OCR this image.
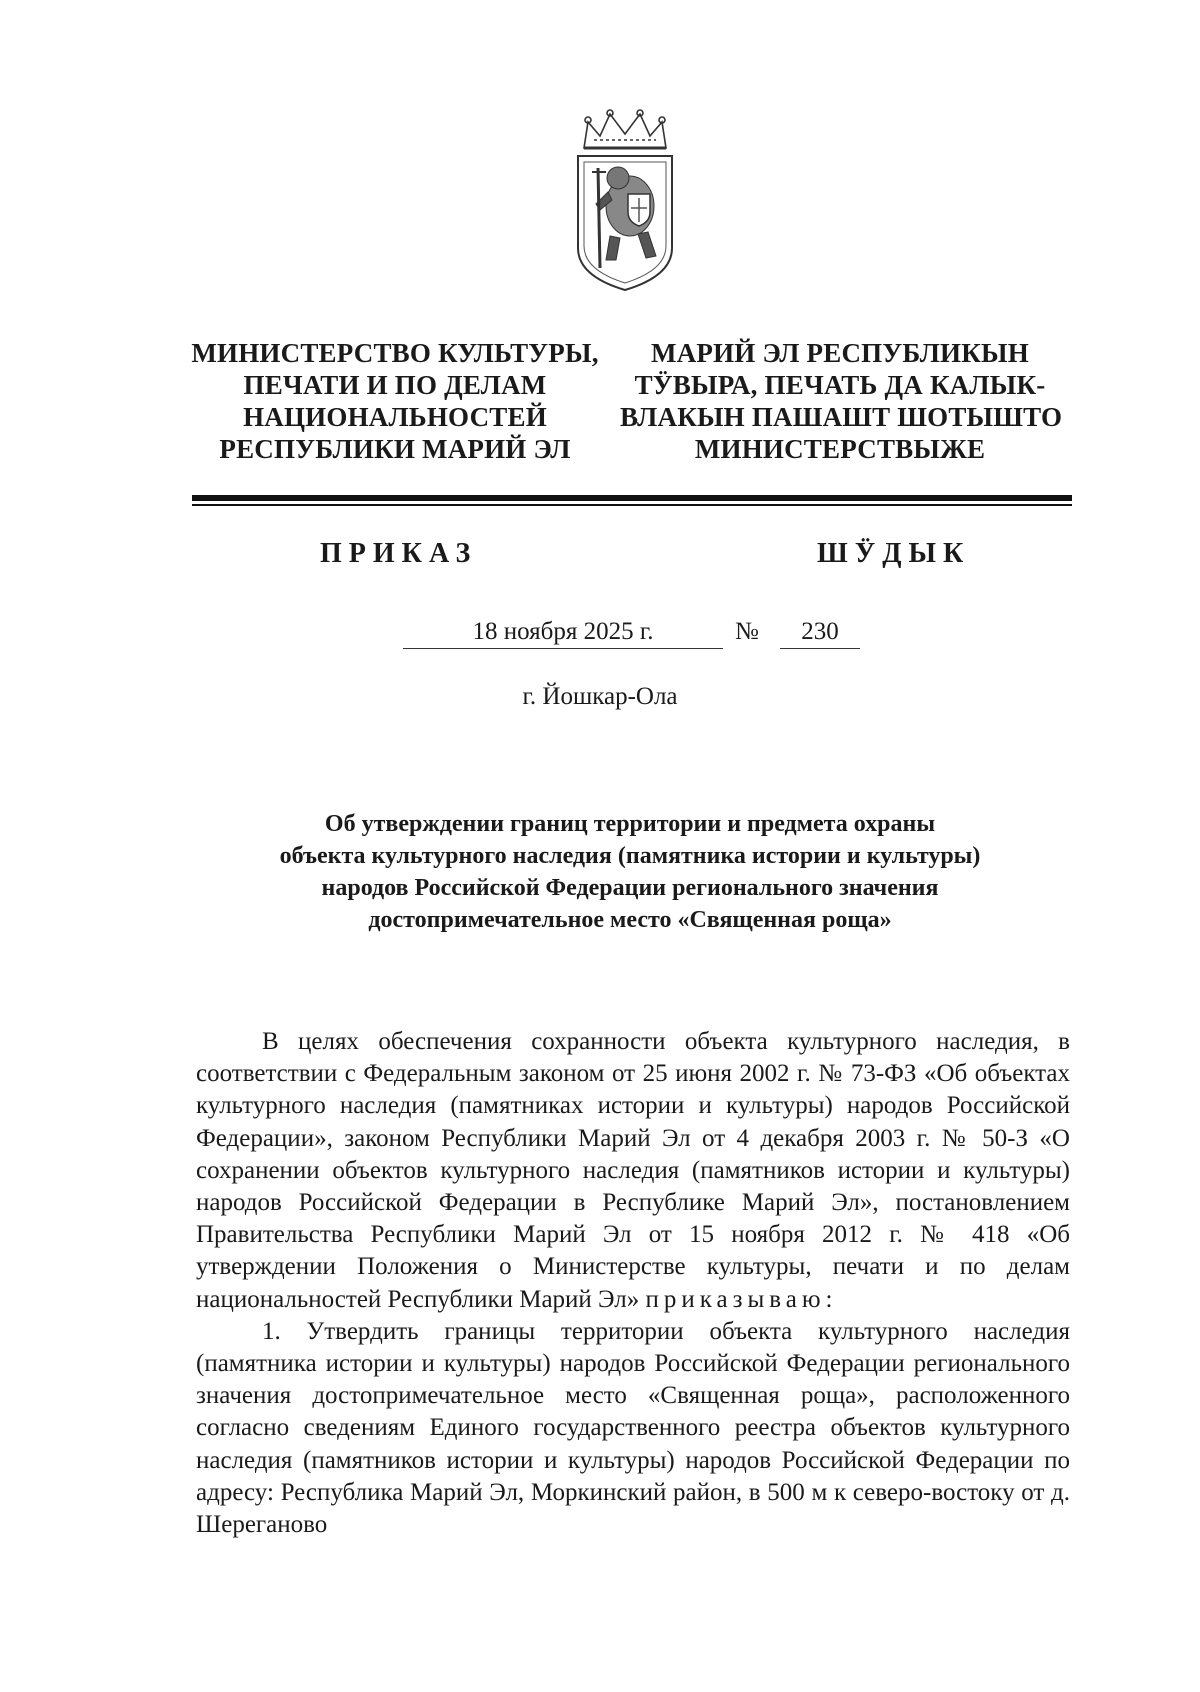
МИНИСТЕРСТВО КУЛЬТУРЫ,
ПЕЧАТИ И ПО ДЕЛАМ
НАЦИОНАЛЬНОСТЕЙ
РЕСПУБЛИКИ МАРИЙ ЭЛ
МАРИЙ ЭЛ РЕСПУБЛИКЫН
ТӰВЫРА, ПЕЧАТЬ ДА КАЛЫК-
ВЛАКЫН ПАШАШТ ШОТЫШТО
МИНИСТЕРСТВЫЖЕ
ПРИКАЗ	ШӰДЫК
18 ноября 2025 г.	№	230
г. Йошкар-Ола
Об утверждении границ территории и предмета охраны
объекта культурного наследия (памятника истории и культуры)
народов Российской Федерации регионального значения
достопримечательное место «Священная роща»

В целях обеспечения сохранности объекта культурного наследия, в соответствии с Федеральным законом от 25 июня 2002 г. № 73-ФЗ «Об объектах культурного наследия (памятниках истории и культуры) народов Российской Федерации», законом Республики Марий Эл от 4 декабря 2003 г. № 50-З «О сохранении объектов культурного наследия (памятников истории и культуры) народов Российской Федерации в Республике Марий Эл», постановлением Правительства Республики Марий Эл от 15 ноября 2012 г. № 418 «Об утверждении Положения о Министерстве культуры, печати и по делам национальностей Республики Марий Эл» приказываю:

1. Утвердить границы территории объекта культурного наследия (памятника истории и культуры) народов Российской Федерации регионального значения достопримечательное место «Священная роща», расположенного согласно сведениям Единого государственного реестра объектов культурного наследия (памятников истории и культуры) народов Российской Федерации по адресу: Республика Марий Эл, Моркинский район, в 500 м к северо-востоку от д. Шереганово
